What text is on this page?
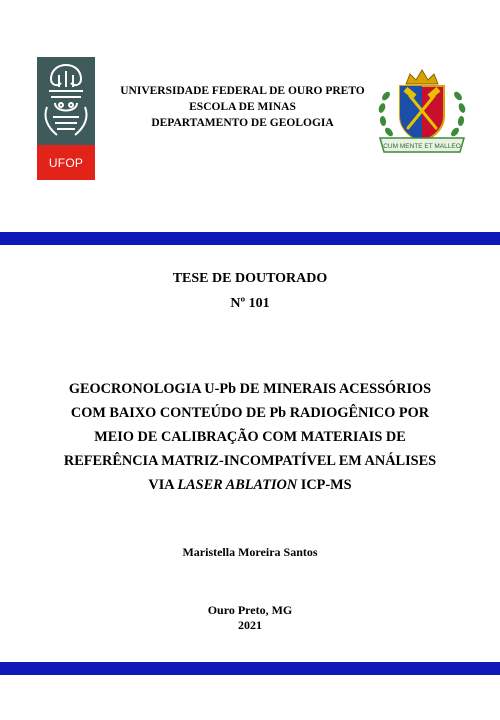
UFOP
UNIVERSIDADE FEDERAL DE OURO PRETO
ESCOLA DE MINAS
DEPARTAMENTO DE GEOLOGIA
CUM MENTE ET MALLEO
TESE DE DOUTORADO
Nº 101
GEOCRONOLOGIA U-Pb DE MINERAIS ACESSÓRIOS
COM BAIXO CONTEÚDO DE Pb RADIOGÊNICO POR
MEIO DE CALIBRAÇÃO COM MATERIAIS DE
REFERÊNCIA MATRIZ-INCOMPATÍVEL EM ANÁLISES
VIA LASER ABLATION ICP-MS
Maristella Moreira Santos
Ouro Preto, MG
2021
